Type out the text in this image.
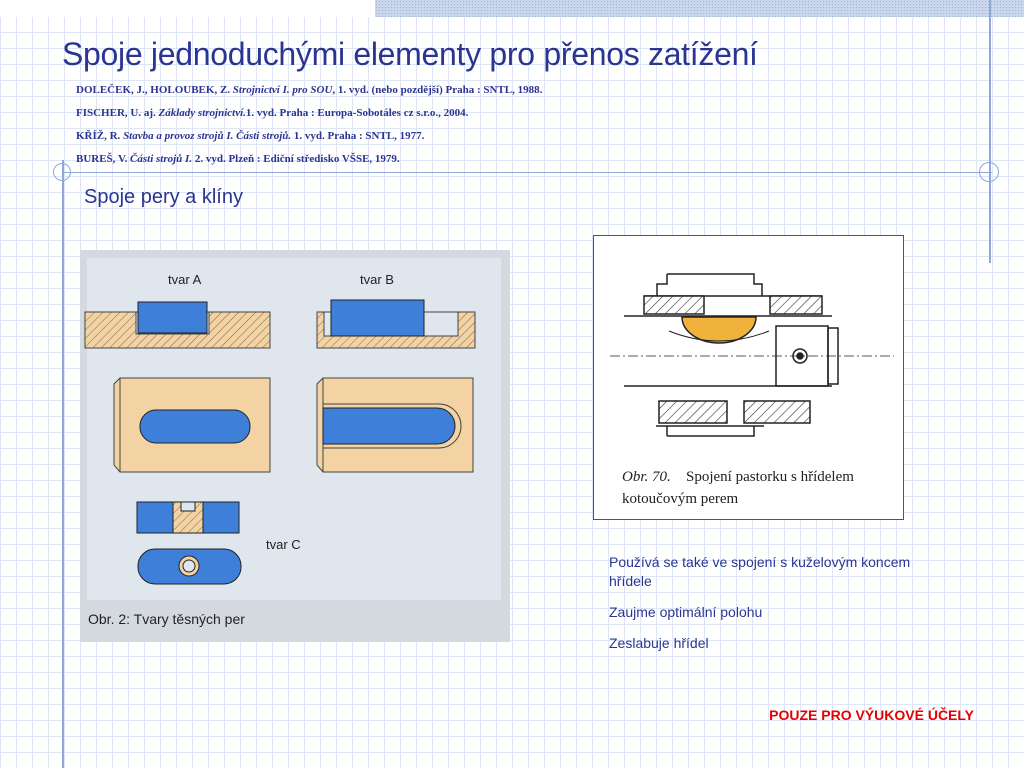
Spoje jednoduchými elementy pro přenos zatížení
DOLEČEK, J., HOLOUBEK, Z. Strojnictví I. pro SOU, 1. vyd. (nebo pozdější) Praha : SNTL, 1988.
FISCHER, U. aj. Základy strojnictví.1. vyd. Praha : Europa-Sobotáles cz s.r.o., 2004.
KŘÍŽ, R. Stavba a provoz strojů I. Části strojů. 1. vyd. Praha : SNTL, 1977.
BUREŠ, V. Části strojů I. 2. vyd. Plzeň : Ediční středisko VŠSE, 1979.
Spoje pery a klíny
tvar A	tvar B
tvar C
Obr. 2: Tvary těsných per
Obr. 70. Spojení pastorku s hřídelem
kotoučovým perem
Používá se také ve spojení s kuželovým koncem hřídele
Zaujme optimální polohu
Zeslabuje hřídel
POUZE PRO VÝUKOVÉ ÚČELY
